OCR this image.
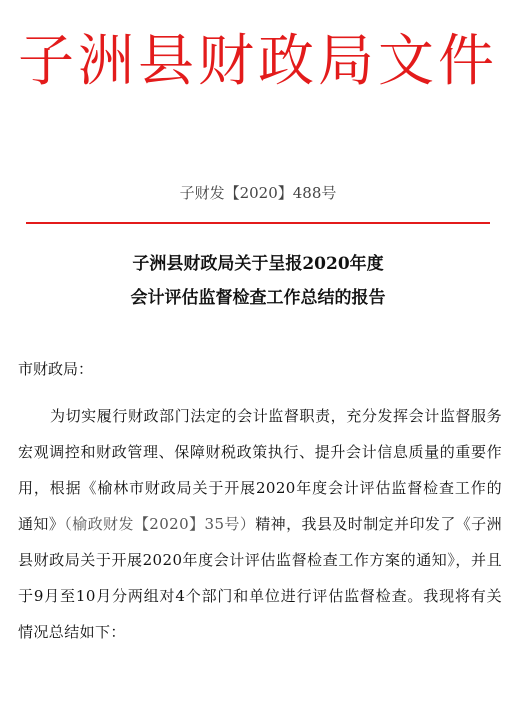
子洲县财政局文件
子财发【2020】488号
子洲县财政局关于呈报2020年度
会计评估监督检查工作总结的报告
市财政局：
为切实履行财政部门法定的会计监督职责，充分发挥会计监督服务宏观调控和财政管理、保障财税政策执行、提升会计信息质量的重要作用，根据《榆林市财政局关于开展2020年度会计评估监督检查工作的通知》（榆政财发【2020】35号）精神，我县及时制定并印发了《子洲县财政局关于开展2020年度会计评估监督检查工作方案的通知》，并且于9月至10月分两组对4个部门和单位进行评估监督检查。我现将有关情况总结如下：
